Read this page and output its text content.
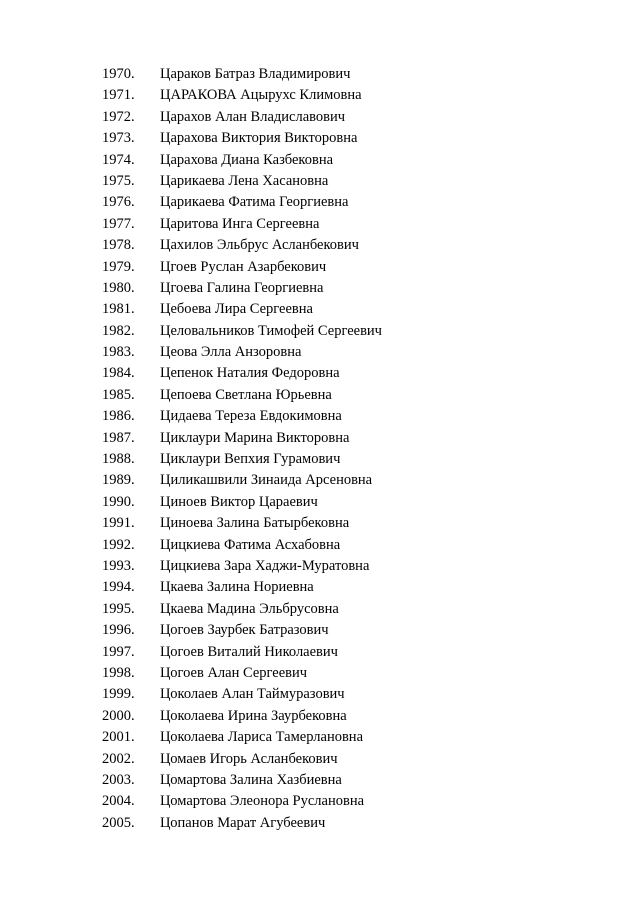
1970. Цараков Батраз Владимирович
1971. ЦАРАКОВА Ацырухс Климовна
1972. Царахов Алан Владиславович
1973. Царахова Виктория Викторовна
1974. Царахова Диана Казбековна
1975. Царикаева Лена Хасановна
1976. Царикаева Фатима Георгиевна
1977. Царитова Инга Сергеевна
1978. Цахилов Эльбрус Асланбекович
1979. Цгоев Руслан Азарбекович
1980. Цгоева Галина Георгиевна
1981. Цебоева Лира Сергеевна
1982. Целовальников Тимофей Сергеевич
1983. Цеова Элла Анзоровна
1984. Цепенок Наталия Федоровна
1985. Цепоева Светлана Юрьевна
1986. Цидаева Тереза Евдокимовна
1987. Циклаури Марина Викторовна
1988. Циклаури Вепхия Гурамович
1989. Циликашвили Зинаида Арсеновна
1990. Циноев Виктор Цараевич
1991. Циноева Залина Батырбековна
1992. Цицкиева Фатима Асхабовна
1993. Цицкиева Зара Хаджи-Муратовна
1994. Цкаева Залина Нориевна
1995. Цкаева Мадина Эльбрусовна
1996. Цогоев Заурбек Батразович
1997. Цогоев Виталий Николаевич
1998. Цогоев Алан Сергеевич
1999. Цоколаев Алан Таймуразович
2000. Цоколаева Ирина Заурбековна
2001. Цоколаева Лариса Тамерлановна
2002. Цомаев Игорь Асланбекович
2003. Цомартова Залина Хазбиевна
2004. Цомартова Элеонора Руслановна
2005. Цопанов Марат Агубеевич
